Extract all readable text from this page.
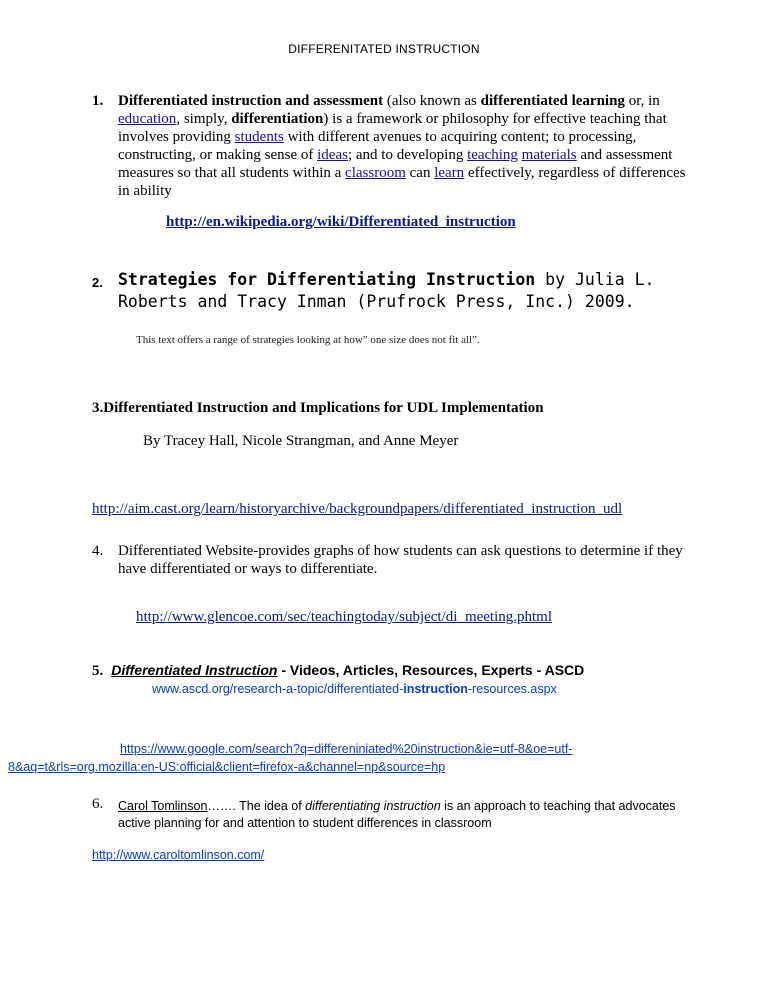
DIFFERENITATED INSTRUCTION
1. Differentiated instruction and assessment (also known as differentiated learning or, in education, simply, differentiation) is a framework or philosophy for effective teaching that involves providing students with different avenues to acquiring content; to processing, constructing, or making sense of ideas; and to developing teaching materials and assessment measures so that all students within a classroom can learn effectively, regardless of differences in ability
http://en.wikipedia.org/wiki/Differentiated_instruction
2. Strategies for Differentiating Instruction by Julia L. Roberts and Tracy Inman (Prufrock Press, Inc.) 2009.
This text offers a range of strategies looking at how” one size does not fit all”.
3.Differentiated Instruction and Implications for UDL Implementation
By Tracey Hall, Nicole Strangman, and Anne Meyer
http://aim.cast.org/learn/historyarchive/backgroundpapers/differentiated_instruction_udl
4. Differentiated Website-provides graphs of how students can ask questions to determine if they have differentiated or ways to differentiate.
http://www.glencoe.com/sec/teachingtoday/subject/di_meeting.phtml
5. Differentiated Instruction - Videos, Articles, Resources, Experts - ASCD
www.ascd.org/research-a-topic/differentiated-instruction-resources.aspx
https://www.google.com/search?q=differeniniated%20instruction&ie=utf-8&oe=utf-
8&aq=t&rls=org.mozilla:en-US:official&client=firefox-a&channel=np&source=hp
6. Carol Tomlinson……. The idea of differentiating instruction is an approach to teaching that advocates active planning for and attention to student differences in classroom
http://www.caroltomlinson.com/
